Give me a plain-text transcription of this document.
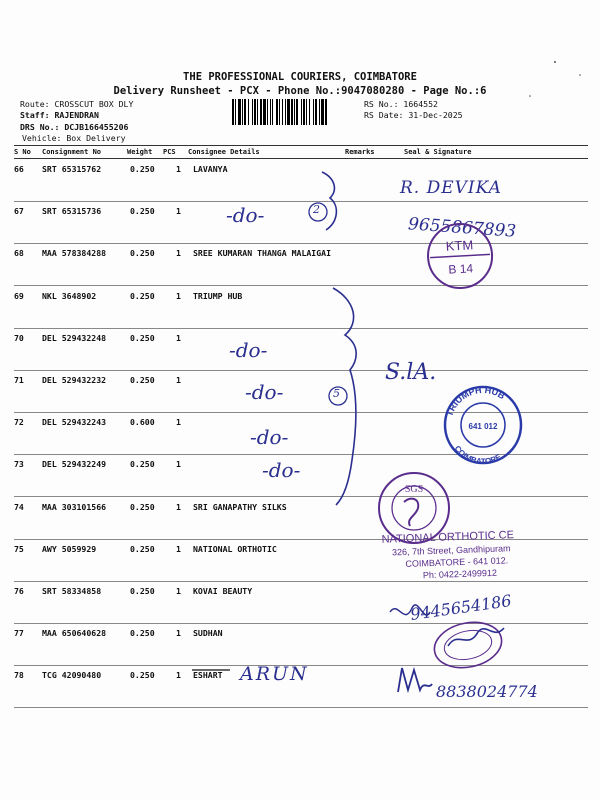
THE PROFESSIONAL COURIERS, COIMBATORE
Delivery Runsheet - PCX - Phone No.:9047080280 - Page No.:6
Route: CROSSCUT BOX DLY
Staff: RAJENDRAN
DRS No.: DCJB166455206
Vehicle: Box Delivery
RS No.: 1664552
RS Date: 31-Dec-2025
S No Consignment No	Weight PCS Consignee Details	Remarks	Seal & Signature
66 SRT 65315762	0.250	1 LAVANYA
67 SRT 65315736	0.250	1
68 MAA 578384288	0.250	1 SREE KUMARAN THANGA MALAIGAI
69 NKL 3648902	0.250	1 TRIUMP HUB
70 DEL 529432248	0.250	1
71 DEL 529432232	0.250	1
72 DEL 529432243	0.600	1
73 DEL 529432249	0.250	1
74 MAA 303101566	0.250	1 SRI GANAPATHY SILKS
75 AWY 5059929	0.250	1 NATIONAL ORTHOTIC
76 SRT 58334858	0.250	1 KOVAI BEAUTY
77 MAA 650640628	0.250	1 SUDHAN
78 TCG 42090480	0.250	1 ESHART
-do-	2
-do-
-do-	5
-do-
-do-
R. DEVIKA
9655867893
S.lA.
9445654186
ARUN
8838024774
KTM
B 14
TRIUMPH HUB
COIMBATORE
641 012
SGS
NATIONAL ORTHOTIC CE
326, 7th Street, Gandhipuram
COIMBATORE - 641 012.
Ph: 0422-2499912
